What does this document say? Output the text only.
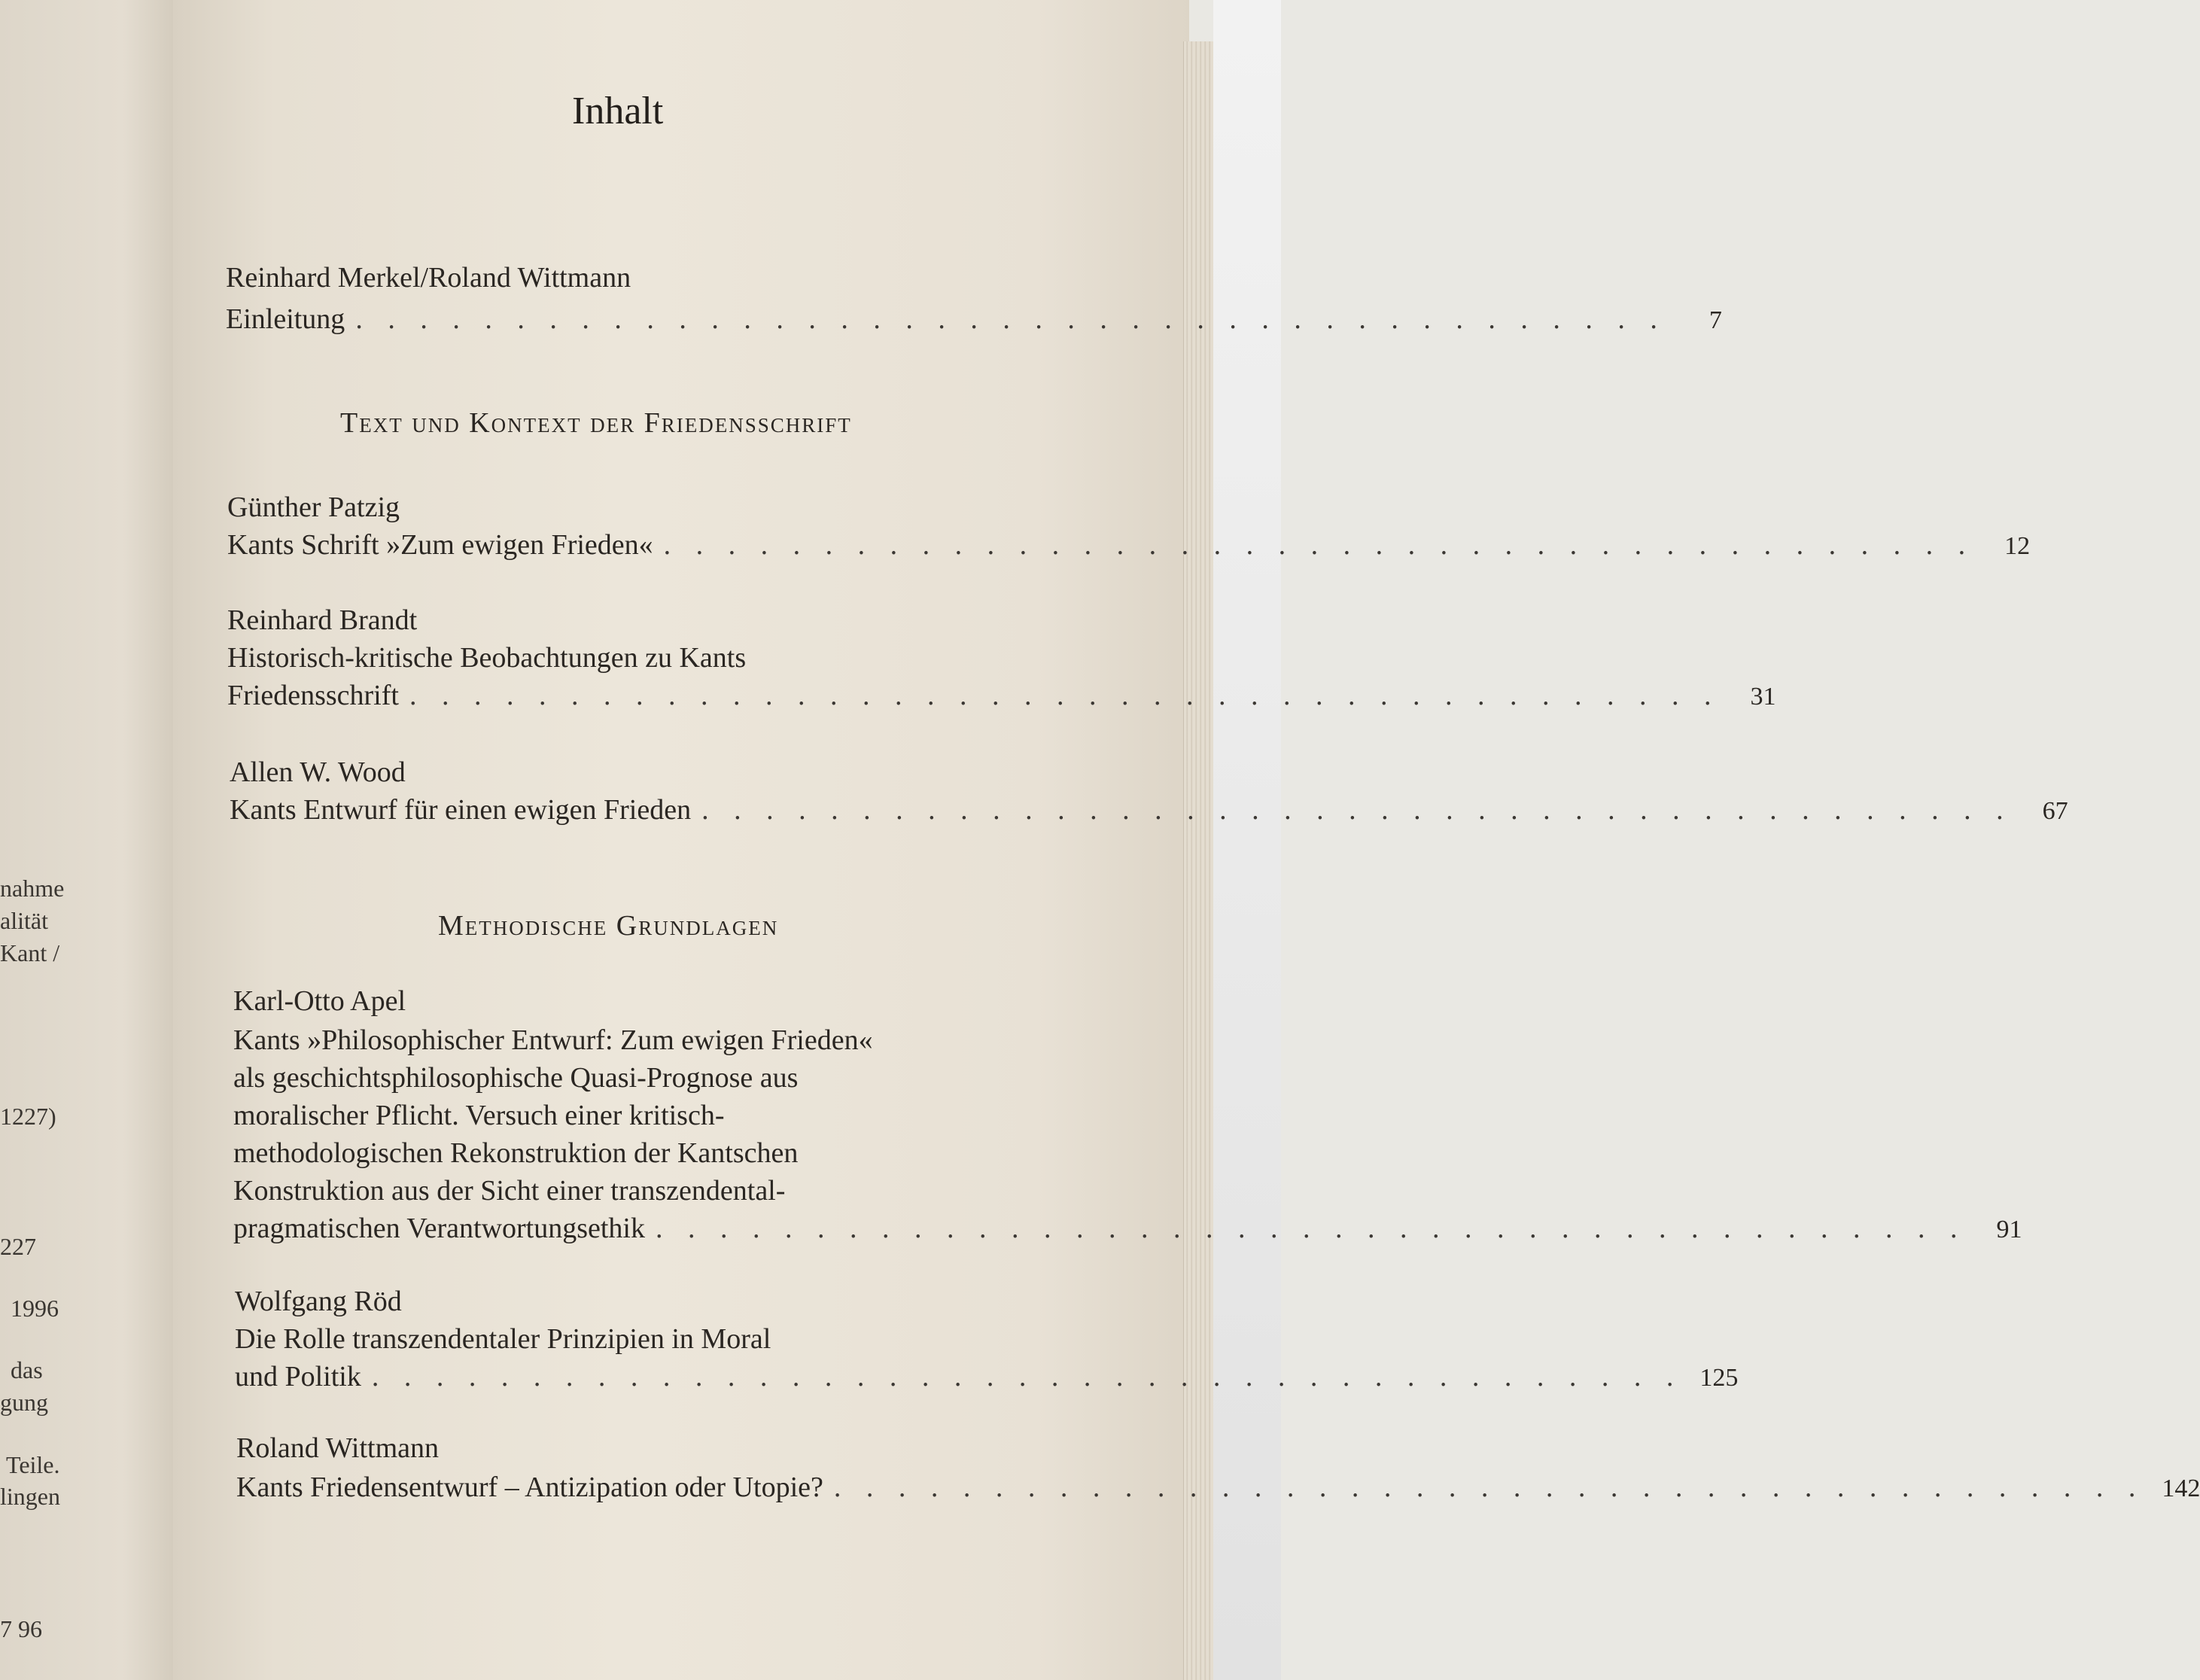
nahme
alität
Kant /
1227)
227
1996
das
gung
Teile.
lingen
7 96
Inhalt
Reinhard Merkel/Roland Wittmann
Einleitung . . . . . . . . . . . . . . . . . . . . . . . . . . . . . . . . . . . . . . . . .	7
Text und Kontext der Friedensschrift
Günther Patzig
Kants Schrift »Zum ewigen Frieden« . . . . . . . . . . . . . . . . . . . . . . . . . . . . . . . . . . . . . . . . .	12
Reinhard Brandt
Historisch-kritische Beobachtungen zu Kants
Friedensschrift . . . . . . . . . . . . . . . . . . . . . . . . . . . . . . . . . . . . . . . . .	31
Allen W. Wood
Kants Entwurf für einen ewigen Frieden . . . . . . . . . . . . . . . . . . . . . . . . . . . . . . . . . . . . . . . . .	67
Methodische Grundlagen
Karl-Otto Apel
Kants »Philosophischer Entwurf: Zum ewigen Frieden«
als geschichtsphilosophische Quasi-Prognose aus
moralischer Pflicht. Versuch einer kritisch-
methodologischen Rekonstruktion der Kantschen
Konstruktion aus der Sicht einer transzendental-
pragmatischen Verantwortungsethik . . . . . . . . . . . . . . . . . . . . . . . . . . . . . . . . . . . . . . . . .	91
Wolfgang Röd
Die Rolle transzendentaler Prinzipien in Moral
und Politik . . . . . . . . . . . . . . . . . . . . . . . . . . . . . . . . . . . . . . . . . 125
Roland Wittmann
Kants Friedensentwurf – Antizipation oder Utopie? . . . . . . . . . . . . . . . . . . . . . . . . . . . . . . . . . . . . . . . . . 142
